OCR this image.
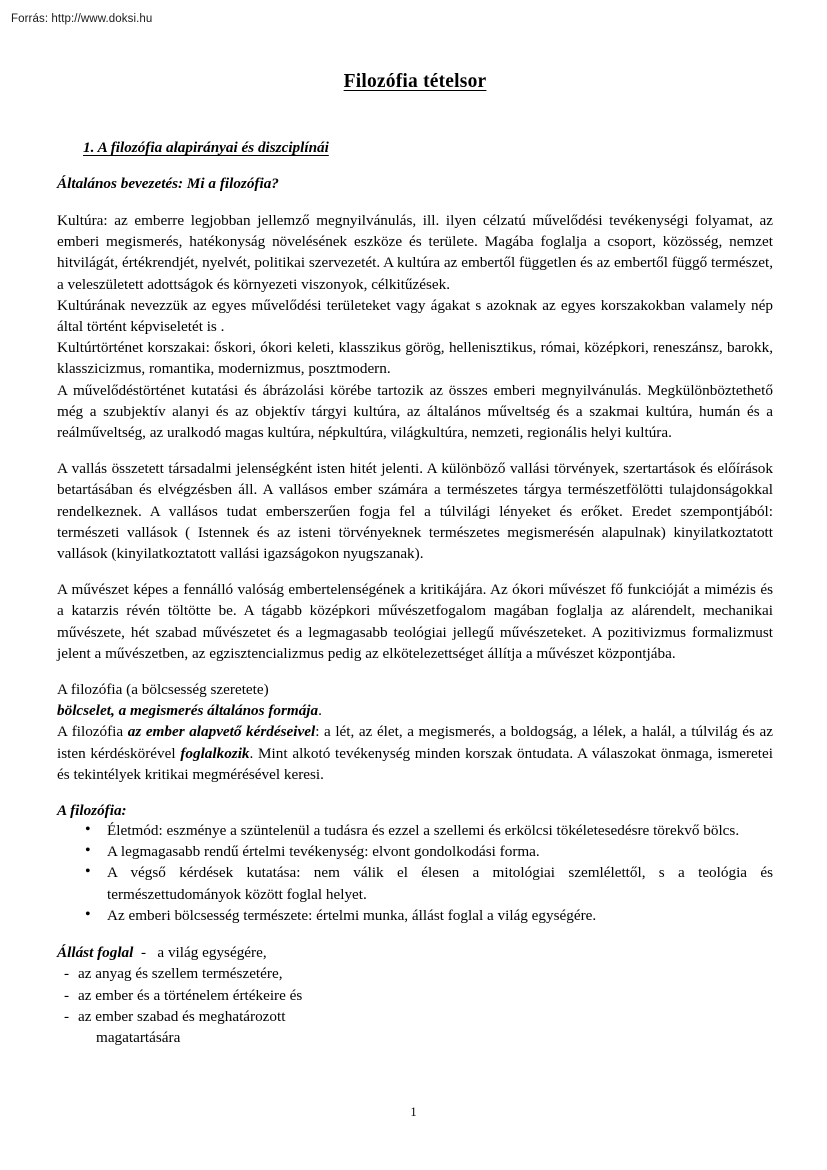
Forrás: http://www.doksi.hu
Filozófia tételsor
1. A filozófia alapirányai és diszciplínái
Általános bevezetés: Mi a filozófia?

Kultúra: az emberre legjobban jellemző megnyilvánulás, ill. ilyen célzatú művelődési tevékenységi folyamat, az emberi megismerés, hatékonyság növelésének eszköze és területe. Magába foglalja a csoport, közösség, nemzet hitvilágát, értékrendjét, nyelvét, politikai szervezetét. A kultúra az embertől független és az embertől függő természet, a veleszületett adottságok és környezeti viszonyok, célkitűzések.

Kultúrának nevezzük az egyes művelődési területeket vagy ágakat s azoknak az egyes korszakokban valamely nép által történt képviseletét is .

Kultúrtörténet korszakai: őskori, ókori keleti, klasszikus görög, hellenisztikus, római, középkori, reneszánsz, barokk, klasszicizmus, romantika, modernizmus, posztmodern.

A művelődéstörténet kutatási és ábrázolási körébe tartozik az összes emberi megnyilvánulás. Megkülönböztethető még a szubjektív alanyi és az objektív tárgyi kultúra, az általános műveltség és a szakmai kultúra, humán és a reálműveltség, az uralkodó magas kultúra, népkultúra, világkultúra, nemzeti, regionális helyi kultúra.

A vallás összetett társadalmi jelenségként isten hitét jelenti. A különböző vallási törvények, szertartások és előírások betartásában és elvégzésben áll. A vallásos ember számára a természetes tárgya természetfölötti tulajdonságokkal rendelkeznek. A vallásos tudat emberszerűen fogja fel a túlvilági lényeket és erőket. Eredet szempontjából: természeti vallások ( Istennek és az isteni törvényeknek természetes megismerésén alapulnak) kinyilatkoztatott vallások (kinyilatkoztatott vallási igazságokon nyugszanak).

A művészet képes a fennálló valóság embertelenségének a kritikájára. Az ókori művészet fő funkcióját a mimézis és a katarzis révén töltötte be. A tágabb középkori művészetfogalom magában foglalja az alárendelt, mechanikai művészete, hét szabad művészetet és a legmagasabb teológiai jellegű művészeteket. A pozitivizmus formalizmust jelent a művészetben, az egzisztencializmus pedig az elkötelezettséget állítja a művészet központjába.

A filozófia (a bölcsesség szeretete)

bölcselet, a megismerés általános formája.

A filozófia az ember alapvető kérdéseivel: a lét, az élet, a megismerés, a boldogság, a lélek, a halál, a túlvilág és az isten kérdéskörével foglalkozik. Mint alkotó tevékenység minden korszak öntudata. A válaszokat önmaga, ismeretei és tekintélyek kritikai megmérésével keresi.

A filozófia:
• Életmód: eszménye a szüntelenül a tudásra és ezzel a szellemi és erkölcsi tökéletesedésre törekvő bölcs.
• A legmagasabb rendű értelmi tevékenység: elvont gondolkodási forma.
• A végső kérdések kutatása: nem válik el élesen a mitológiai szemlélettől, s a teológia és természettudományok között foglal helyet.
• Az emberi bölcsesség természete: értelmi munka, állást foglal a világ egységére.
Állást foglal  -   a világ egységére,
- az anyag és szellem természetére,
- az ember és a történelem értékeire és
- az ember szabad és meghatározott
magatartására
1
